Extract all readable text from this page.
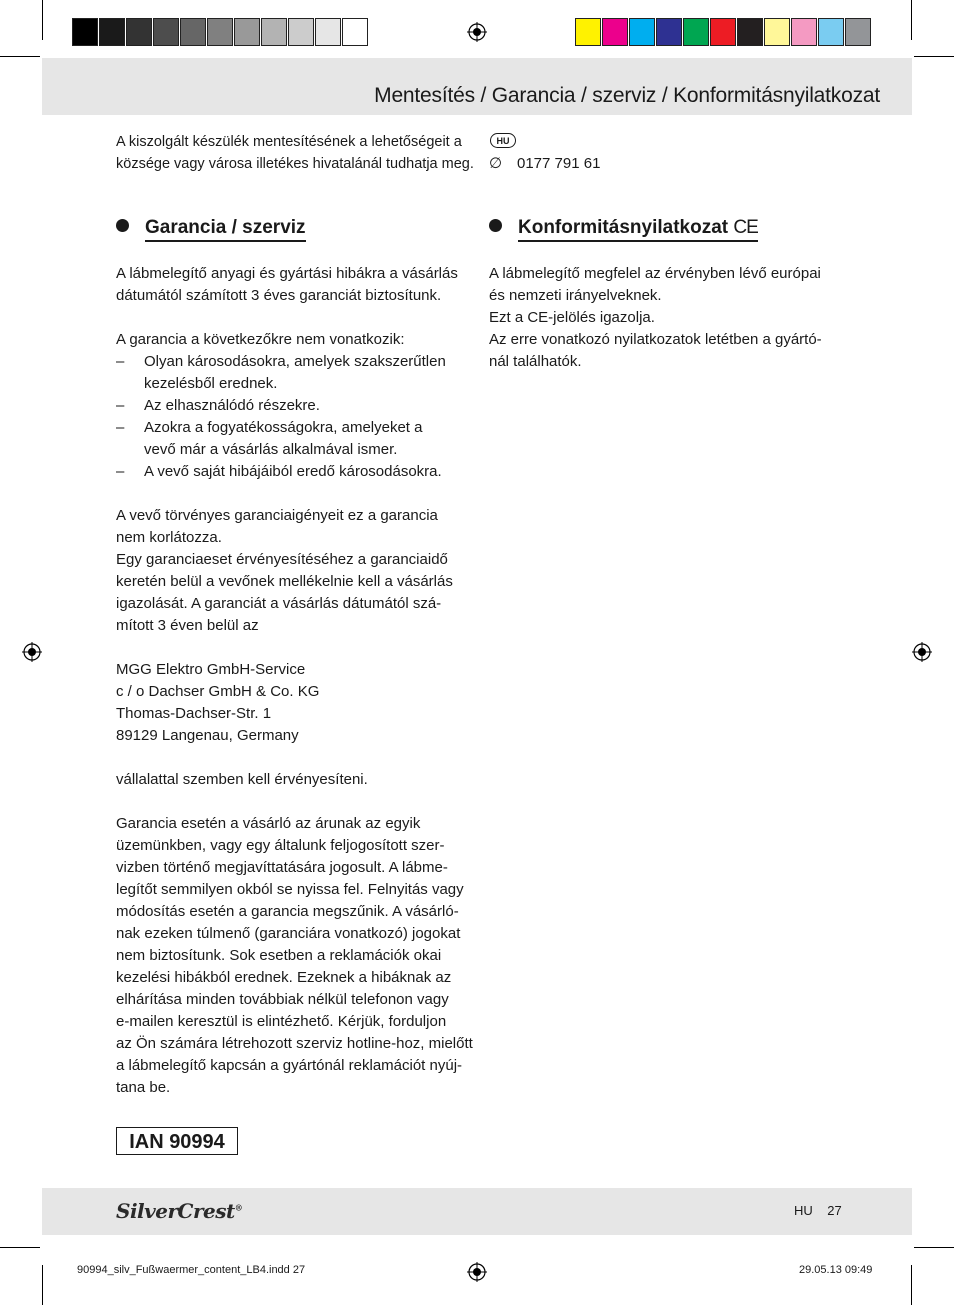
Mentesítés / Garancia / szerviz / Konformitásnyilatkozat

A kiszolgált készülék mentesítésének a lehetőségeit a

községe vagy városa illetékes hivatalánál tudhatja meg.

Garancia / szerviz

A lábmelegítő anyagi és gyártási hibákra a vásárlás

dátumától számított 3 éves garanciát biztosítunk.

A garancia a következőkre nem vonatkozik:

– Olyan károsodásokra, amelyek szakszerűtlen

kezelésből erednek.

– Az elhasználódó részekre.

– Azokra a fogyatékosságokra, amelyeket a

vevő már a vásárlás alkalmával ismer.

– A vevő saját hibájáiból eredő károsodásokra.

A vevő törvényes garanciaigényeit ez a garancia

nem korlátozza.

Egy garanciaeset érvényesítéséhez a garanciaidő

keretén belül a vevőnek mellékelnie kell a vásárlás

igazolását. A garanciát a vásárlás dátumától szá-

mított 3 éven belül az

MGG Elektro GmbH-Service

c / o Dachser GmbH & Co. KG

Thomas-Dachser-Str. 1

89129 Langenau, Germany

vállalattal szemben kell érvényesíteni.

Garancia esetén a vásárló az árunak az egyik

üzemünkben, vagy egy általunk feljogosított szer-

vizben történő megjavíttatására jogosult. A lábme-

legítőt semmilyen okból se nyissa fel. Felnyitás vagy

módosítás esetén a garancia megszűnik. A vásárló-

nak ezeken túlmenő (garanciára vonatkozó) jogokat

nem biztosítunk. Sok esetben a reklamációk okai

kezelési hibákból erednek. Ezeknek a hibáknak az

elhárítása minden továbbiak nélkül telefonon vagy

e-mailen keresztül is elintézhető. Kérjük, forduljon

az Ön számára létrehozott szerviz hotline-hoz, mielőtt

a lábmelegítő kapcsán a gyártónál reklamációt nyúj-

tana be.

IAN 90994
HU
∅ 0177 791 61
Konformitásnyilatkozat CE

A lábmelegítő megfelel az érvényben lévő európai

és nemzeti irányelveknek.

Ezt a CE-jelölés igazolja.

Az erre vonatkozó nyilatkozatok letétben a gyártó-

nál találhatók.

SilverCrest®	HU 27
90994_silv_Fußwaermer_content_LB4.indd 27	29.05.13 09:49
